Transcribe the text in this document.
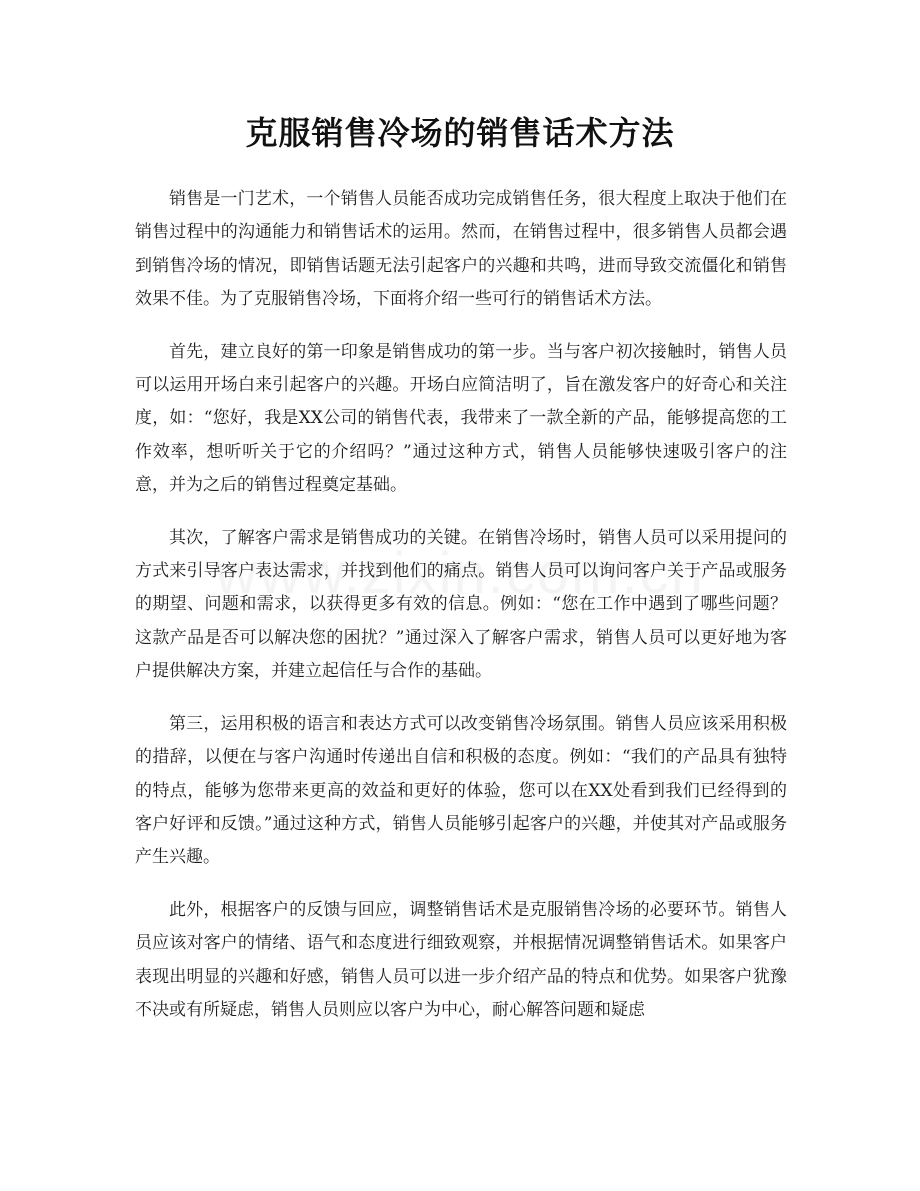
克服销售冷场的销售话术方法

销售是一门艺术，一个销售人员能否成功完成销售任务，很大程度上取决于他们在销售过程中的沟通能力和销售话术的运用。然而，在销售过程中，很多销售人员都会遇到销售冷场的情况，即销售话题无法引起客户的兴趣和共鸣，进而导致交流僵化和销售效果不佳。为了克服销售冷场，下面将介绍一些可行的销售话术方法。

首先，建立良好的第一印象是销售成功的第一步。当与客户初次接触时，销售人员可以运用开场白来引起客户的兴趣。开场白应简洁明了，旨在激发客户的好奇心和关注度，如：“您好，我是XX公司的销售代表，我带来了一款全新的产品，能够提高您的工作效率，想听听关于它的介绍吗？”通过这种方式，销售人员能够快速吸引客户的注意，并为之后的销售过程奠定基础。

其次，了解客户需求是销售成功的关键。在销售冷场时，销售人员可以采用提问的方式来引导客户表达需求，并找到他们的痛点。销售人员可以询问客户关于产品或服务的期望、问题和需求，以获得更多有效的信息。例如：“您在工作中遇到了哪些问题？这款产品是否可以解决您的困扰？”通过深入了解客户需求，销售人员可以更好地为客户提供解决方案，并建立起信任与合作的基础。

第三，运用积极的语言和表达方式可以改变销售冷场氛围。销售人员应该采用积极的措辞，以便在与客户沟通时传递出自信和积极的态度。例如：“我们的产品具有独特的特点，能够为您带来更高的效益和更好的体验，您可以在XX处看到我们已经得到的客户好评和反馈。”通过这种方式，销售人员能够引起客户的兴趣，并使其对产品或服务产生兴趣。

此外，根据客户的反馈与回应，调整销售话术是克服销售冷场的必要环节。销售人员应该对客户的情绪、语气和态度进行细致观察，并根据情况调整销售话术。如果客户表现出明显的兴趣和好感，销售人员可以进一步介绍产品的特点和优势。如果客户犹豫不决或有所疑虑，销售人员则应以客户为中心，耐心解答问题和疑虑
